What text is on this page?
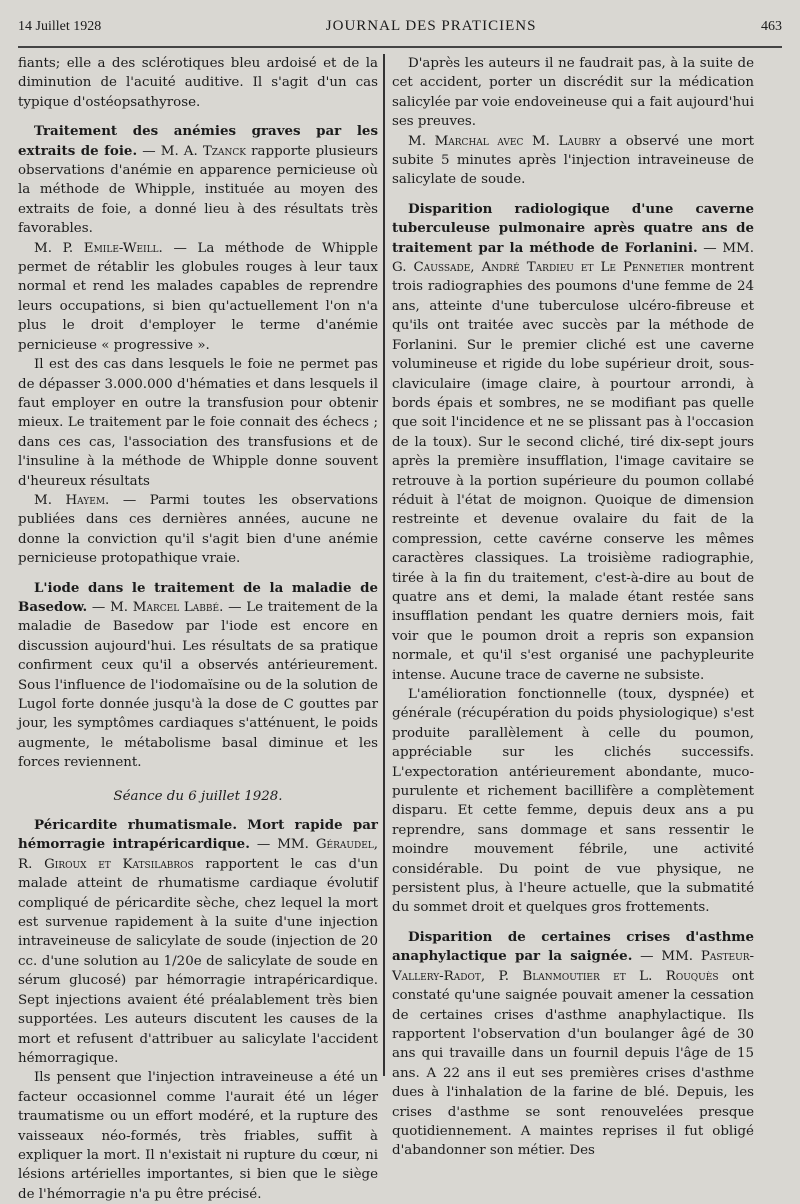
14 Juillet 1928	JOURNAL DES PRATICIENS	463

fiants; elle a des sclérotiques bleu ardoisé et de la diminution de l'acuité auditive. Il s'agit d'un cas typique d'ostéopsathyrose.

Traitement des anémies graves par les extraits de foie. — M. A. Tzanck rapporte plusieurs observations d'anémie en apparence pernicieuse où la méthode de Whipple, instituée au moyen des extraits de foie, a donné lieu à des résultats très favorables.

M. P. Emile-Weill. — La méthode de Whipple permet de rétablir les globules rouges à leur taux normal et rend les malades capables de reprendre leurs occupations, si bien qu'actuellement l'on n'a plus le droit d'employer le terme d'anémie pernicieuse « progressive ».

Il est des cas dans lesquels le foie ne permet pas de dépasser 3.000.000 d'hématies et dans lesquels il faut employer en outre la transfusion pour obtenir mieux. Le traitement par le foie connait des échecs ; dans ces cas, l'association des transfusions et de l'insuline à la méthode de Whipple donne souvent d'heureux résultats

M. Hayem. — Parmi toutes les observations publiées dans ces dernières années, aucune ne donne la conviction qu'il s'agit bien d'une anémie pernicieuse protopathique vraie.

L'iode dans le traitement de la maladie de Basedow. — M. Marcel Labbé. — Le traitement de la maladie de Basedow par l'iode est encore en discussion aujourd'hui. Les résultats de sa pratique confirment ceux qu'il a observés antérieurement. Sous l'influence de l'iodomaïsine ou de la solution de Lugol forte donnée jusqu'à la dose de C gouttes par jour, les symptômes cardiaques s'atténuent, le poids augmente, le métabolisme basal diminue et les forces reviennent.

Séance du 6 juillet 1928.

Péricardite rhumatismale. Mort rapide par hémorragie intrapéricardique. — MM. Géraudel, R. Giroux et Katsilabros rapportent le cas d'un malade atteint de rhumatisme cardiaque évolutif compliqué de péricardite sèche, chez lequel la mort est survenue rapidement à la suite d'une injection intraveineuse de salicylate de soude (injection de 20 cc. d'une solution au 1/20e de salicylate de soude en sérum glucosé) par hémorragie intrapéricardique. Sept injections avaient été préalablement très bien supportées. Les auteurs discutent les causes de la mort et refusent d'attribuer au salicylate l'accident hémorragique.

Ils pensent que l'injection intraveineuse a été un facteur occasionnel comme l'aurait été un léger traumatisme ou un effort modéré, et la rupture des vaisseaux néo-formés, très friables, suffit à expliquer la mort. Il n'existait ni rupture du cœur, ni lésions artérielles importantes, si bien que le siège de l'hémorragie n'a pu être précisé.

D'après les auteurs il ne faudrait pas, à la suite de cet accident, porter un discrédit sur la médication salicylée par voie endoveineuse qui a fait aujourd'hui ses preuves.

M. Marchal avec M. Laubry a observé une mort subite 5 minutes après l'injection intraveineuse de salicylate de soude.

Disparition radiologique d'une caverne tuberculeuse pulmonaire après quatre ans de traitement par la méthode de Forlanini. — MM. G. Caussade, André Tardieu et Le Pennetier montrent trois radiographies des poumons d'une femme de 24 ans, atteinte d'une tuberculose ulcéro-fibreuse et qu'ils ont traitée avec succès par la méthode de Forlanini. Sur le premier cliché est une caverne volumineuse et rigide du lobe supérieur droit, sous-claviculaire (image claire, à pourtour arrondi, à bords épais et sombres, ne se modifiant pas quelle que soit l'incidence et ne se plissant pas à l'occasion de la toux). Sur le second cliché, tiré dix-sept jours après la première insufflation, l'image cavitaire se retrouve à la portion supérieure du poumon collabé réduit à l'état de moignon. Quoique de dimension restreinte et devenue ovalaire du fait de la compression, cette cavérne conserve les mêmes caractères classiques. La troisième radiographie, tirée à la fin du traitement, c'est-à-dire au bout de quatre ans et demi, la malade étant restée sans insufflation pendant les quatre derniers mois, fait voir que le poumon droit a repris son expansion normale, et qu'il s'est organisé une pachypleurite intense. Aucune trace de caverne ne subsiste.

L'amélioration fonctionnelle (toux, dyspnée) et générale (récupération du poids physiologique) s'est produite parallèlement à celle du poumon, appréciable sur les clichés successifs. L'expectoration antérieurement abondante, muco-purulente et richement bacillifère a complètement disparu. Et cette femme, depuis deux ans a pu reprendre, sans dommage et sans ressentir le moindre mouvement fébrile, une activité considérable. Du point de vue physique, ne persistent plus, à l'heure actuelle, que la submatité du sommet droit et quelques gros frottements.

Disparition de certaines crises d'asthme anaphylactique par la saignée. — MM. Pasteur-Vallery-Radot, P. Blanmoutier et L. Rouquès ont constaté qu'une saignée pouvait amener la cessation de certaines crises d'asthme anaphylactique. Ils rapportent l'observation d'un boulanger âgé de 30 ans qui travaille dans un fournil depuis l'âge de 15 ans. A 22 ans il eut ses premières crises d'asthme dues à l'inhalation de la farine de blé. Depuis, les crises d'asthme se sont renouvelées presque quotidiennement. A maintes reprises il fut obligé d'abandonner son métier. Des
